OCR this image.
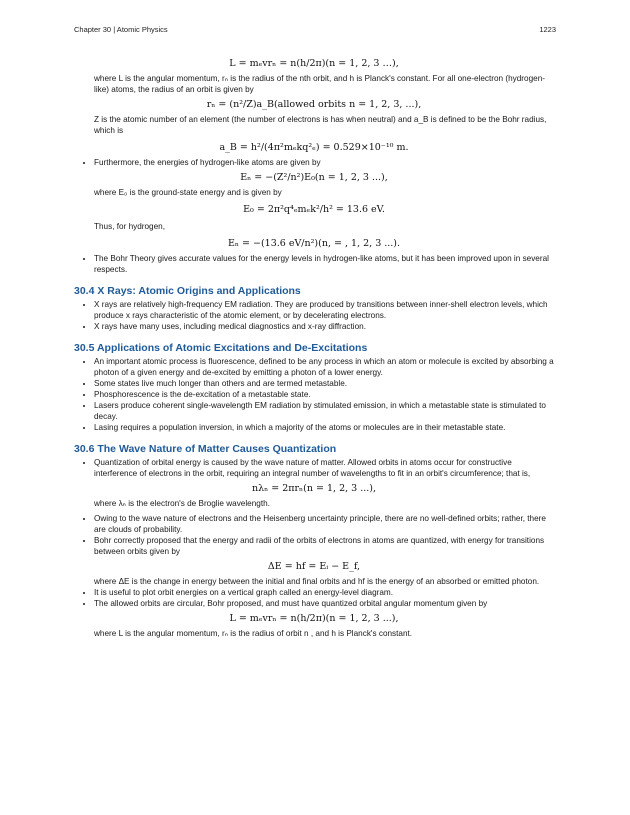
Chapter 30 | Atomic Physics	1223
L = mₑvrₙ = n(h/2π)(n = 1, 2, 3 …),
where L is the angular momentum, rₙ is the radius of the nth orbit, and h is Planck's constant. For all one-electron (hydrogen-like) atoms, the radius of an orbit is given by
rₙ = (n²/Z)a_B(allowed orbits n = 1, 2, 3, ...),
Z is the atomic number of an element (the number of electrons is has when neutral) and a_B is defined to be the Bohr radius, which is
a_B = h²/(4π²mₑkq²ₑ) = 0.529×10⁻¹⁰ m.
• Furthermore, the energies of hydrogen-like atoms are given by
Eₙ = −(Z²/n²)E₀(n = 1, 2, 3 ...),
where E₀ is the ground-state energy and is given by
E₀ = 2π²q⁴ₑmₑk²/h² = 13.6 eV.
Thus, for hydrogen,
Eₙ = −(13.6 eV/n²)(n, = , 1, 2, 3 ...).
• The Bohr Theory gives accurate values for the energy levels in hydrogen-like atoms, but it has been improved upon in several respects.
30.4 X Rays: Atomic Origins and Applications
• X rays are relatively high-frequency EM radiation. They are produced by transitions between inner-shell electron levels, which produce x rays characteristic of the atomic element, or by decelerating electrons.
• X rays have many uses, including medical diagnostics and x-ray diffraction.
30.5 Applications of Atomic Excitations and De-Excitations
• An important atomic process is fluorescence, defined to be any process in which an atom or molecule is excited by absorbing a photon of a given energy and de-excited by emitting a photon of a lower energy.
• Some states live much longer than others and are termed metastable.
• Phosphorescence is the de-excitation of a metastable state.
• Lasers produce coherent single-wavelength EM radiation by stimulated emission, in which a metastable state is stimulated to decay.
• Lasing requires a population inversion, in which a majority of the atoms or molecules are in their metastable state.
30.6 The Wave Nature of Matter Causes Quantization
• Quantization of orbital energy is caused by the wave nature of matter. Allowed orbits in atoms occur for constructive interference of electrons in the orbit, requiring an integral number of wavelengths to fit in an orbit's circumference; that is,
nλₙ = 2πrₙ(n = 1, 2, 3 ...),
where λₙ is the electron's de Broglie wavelength.
• Owing to the wave nature of electrons and the Heisenberg uncertainty principle, there are no well-defined orbits; rather, there are clouds of probability.
• Bohr correctly proposed that the energy and radii of the orbits of electrons in atoms are quantized, with energy for transitions between orbits given by
ΔE = hf = Eᵢ − E_f,
where ΔE is the change in energy between the initial and final orbits and hf is the energy of an absorbed or emitted photon.
• It is useful to plot orbit energies on a vertical graph called an energy-level diagram.
• The allowed orbits are circular, Bohr proposed, and must have quantized orbital angular momentum given by
L = mₑvrₙ = n(h/2π)(n = 1, 2, 3 ...),
where L is the angular momentum, rₙ is the radius of orbit n , and h is Planck's constant.
